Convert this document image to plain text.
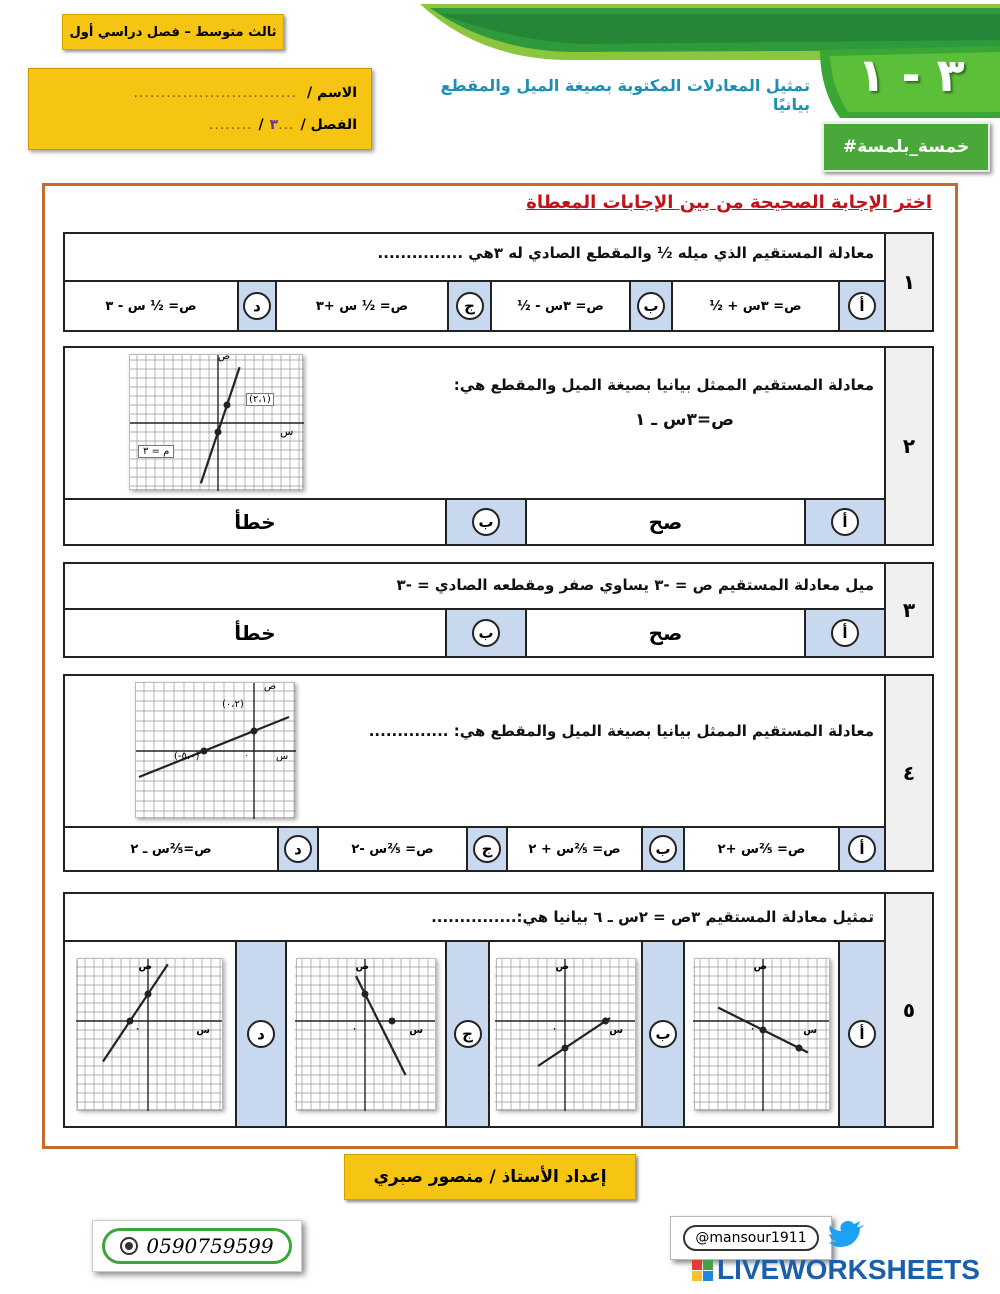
ثالث متوسط – فصل دراسي أول
الاسم /
..............................
الفصل /
...
٣
/
........
تمثيل المعادلات المكتوبة بصيغة الميل والمقطع بيانيًا
٣ - ١
#خمسة_بلمسة
اختر الإجابة الصحيحة من بين الإجابات المعطاة
١
معادلة المستقيم الذي ميله ½ والمقطع الصادي له ٣هي ...............
أ
ص= ٣س + ½
ب
ص= ٣س - ½
ج
ص= ½ س +٣
د
ص= ½ س - ٣
٢
معادلة المستقيم الممثل بيانيا بصيغة الميل والمقطع هي:
ص=٣س ـ ١
ص
س
(٢،١)
م = ٣
أ
صح
ب
خطأ
٣
ميل معادلة المستقيم ص = -٣ يساوي صفر ومقطعه الصادي = -٣
أ
صح
ب
خطأ
٤
معادلة المستقيم الممثل بيانيا بصيغة الميل والمقطع هي: ..............
ص
س
(٠،٢)
(-٥،٠)	٠
أ
ص= ⅖س +٢
ب
ص= ⅖س + ٢
ج
ص= ⅖س -٢
د
ص=⅖س ـ ٢
٥
تمثيل معادلة المستقيم ٣ص = ٢س ـ ٦ بيانيا هي:...............
أ
ص
س
٠
ب
ص
س
٠
ج
ص
س
٠
د
ص
س
٠
إعداد الأستاذ / منصور صبري
0590759599	@mansour1911
LIVEWORKSHEETS
